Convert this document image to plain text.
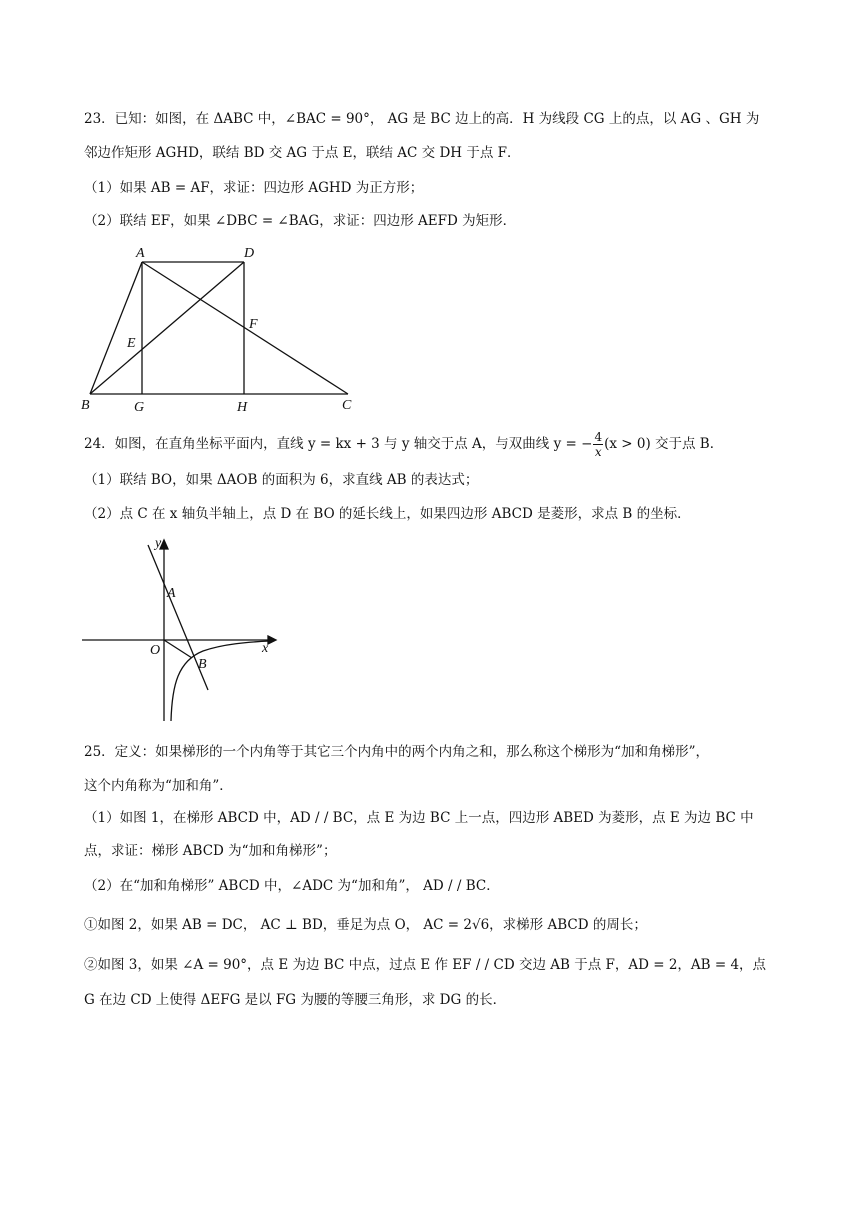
23．已知：如图，在 ΔABC 中，∠BAC = 90°， AG 是 BC 边上的高．H 为线段 CG 上的点，以 AG 、GH 为
邻边作矩形 AGHD，联结 BD 交 AG 于点 E，联结 AC 交 DH 于点 F．
（1）如果 AB = AF，求证：四边形 AGHD 为正方形；
（2）联结 EF，如果 ∠DBC = ∠BAG，求证：四边形 AEFD 为矩形．
A	D
E
F
B	G	H	C
24．如图，在直角坐标平面内，直线 y = kx + 3 与 y 轴交于点 A，与双曲线 y = − $\frac{4}{x} (x > 0)$ 交于点 B．
（1）联结 BO，如果 ΔAOB 的面积为 6，求直线 AB 的表达式；
（2）点 C 在 x 轴负半轴上，点 D 在 BO 的延长线上，如果四边形 ABCD 是菱形，求点 B 的坐标．
y
x
A
O
B
25．定义：如果梯形的一个内角等于其它三个内角中的两个内角之和，那么称这个梯形为“加和角梯形”，
这个内角称为“加和角”．
（1）如图 1，在梯形 ABCD 中，AD / / BC，点 E 为边 BC 上一点，四边形 ABED 为菱形，点 E 为边 BC 中
点，求证：梯形 ABCD 为“加和角梯形”；
（2）在“加和角梯形” ABCD 中，∠ADC 为“加和角”， AD / / BC．
①如图 2，如果 AB = DC， AC ⊥ BD，垂足为点 O， AC = 2√6，求梯形 ABCD 的周长；
②如图 3，如果 ∠A = 90°，点 E 为边 BC 中点，过点 E 作 EF / / CD 交边 AB 于点 F，AD = 2，AB = 4，点
G 在边 CD 上使得 ΔEFG 是以 FG 为腰的等腰三角形，求 DG 的长．
